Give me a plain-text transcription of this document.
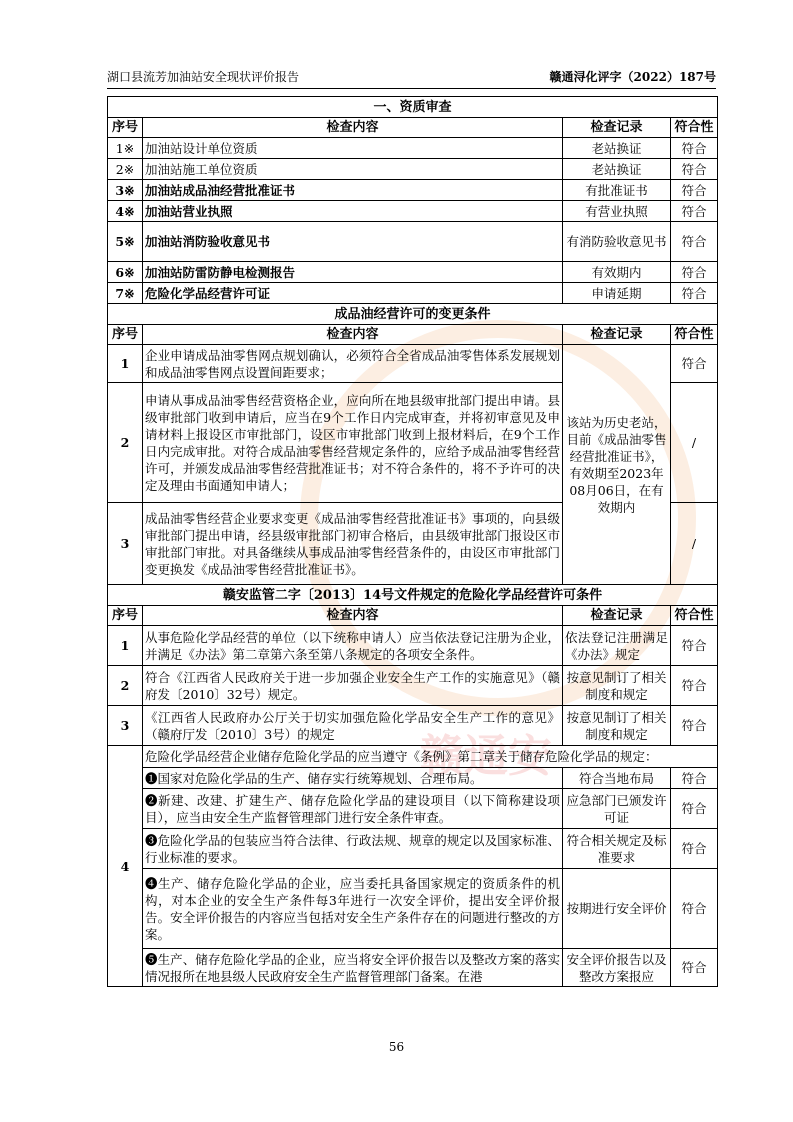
赣通安
湖口县流芳加油站安全现状评价报告	赣通浔化评字（2022）187号
一、资质审查			
序号	检查内容	检查记录	符合性
1※	加油站设计单位资质	老站换证	符合
2※	加油站施工单位资质	老站换证	符合
3※	加油站成品油经营批准证书	有批准证书	符合
4※	加油站营业执照	有营业执照	符合
5※	加油站消防验收意见书	有消防验收意见书	符合
6※	加油站防雷防静电检测报告	有效期内	符合
7※	危险化学品经营许可证	申请延期	符合
成品油经营许可的变更条件			
序号	检查内容	检查记录	符合性
1	企业申请成品油零售网点规划确认，必须符合全省成品油零售体系发展规划和成品油零售网点设置间距要求；	该站为历史老站，目前《成品油零售经营批准证书》，有效期至2023年08月06日，在有效期内	符合
2	申请从事成品油零售经营资格企业，应向所在地县级审批部门提出申请。县级审批部门收到申请后，应当在9个工作日内完成审查，并将初审意见及申请材料上报设区市审批部门，设区市审批部门收到上报材料后，在9个工作日内完成审批。对符合成品油零售经营规定条件的，应给予成品油零售经营许可，并颁发成品油零售经营批准证书；对不符合条件的，将不予许可的决定及理由书面通知申请人；		/
3	成品油零售经营企业要求变更《成品油零售经营批准证书》事项的，向县级审批部门提出申请，经县级审批部门初审合格后，由县级审批部门报设区市审批部门审批。对具备继续从事成品油零售经营条件的，由设区市审批部门变更换发《成品油零售经营批准证书》。		/
赣安监管二字〔2013〕14号文件规定的危险化学品经营许可条件			
序号	检查内容	检查记录	符合性
1	从事危险化学品经营的单位（以下统称申请人）应当依法登记注册为企业，并满足《办法》第二章第六条至第八条规定的各项安全条件。	依法登记注册满足《办法》规定	符合
2	符合《江西省人民政府关于进一步加强企业安全生产工作的实施意见》（赣府发〔2010〕32号）规定。	按意见制订了相关制度和规定	符合
3	《江西省人民政府办公厅关于切实加强危险化学品安全生产工作的意见》（赣府厅发〔2010〕3号）的规定	按意见制订了相关制度和规定	符合
4	危险化学品经营企业储存危险化学品的应当遵守《条例》第二章关于储存危险化学品的规定：		
	❶国家对危险化学品的生产、储存实行统筹规划、合理布局。	符合当地布局	符合
	❷新建、改建、扩建生产、储存危险化学品的建设项目（以下简称建设项目），应当由安全生产监督管理部门进行安全条件审查。	应急部门已颁发许可证	符合
	❸危险化学品的包装应当符合法律、行政法规、规章的规定以及国家标准、行业标准的要求。	符合相关规定及标准要求	符合
	❹生产、储存危险化学品的企业，应当委托具备国家规定的资质条件的机构，对本企业的安全生产条件每3年进行一次安全评价，提出安全评价报告。安全评价报告的内容应当包括对安全生产条件存在的问题进行整改的方案。	按期进行安全评价	符合
	❺生产、储存危险化学品的企业，应当将安全评价报告以及整改方案的落实情况报所在地县级人民政府安全生产监督管理部门备案。在港	安全评价报告以及整改方案报应	符合
56
